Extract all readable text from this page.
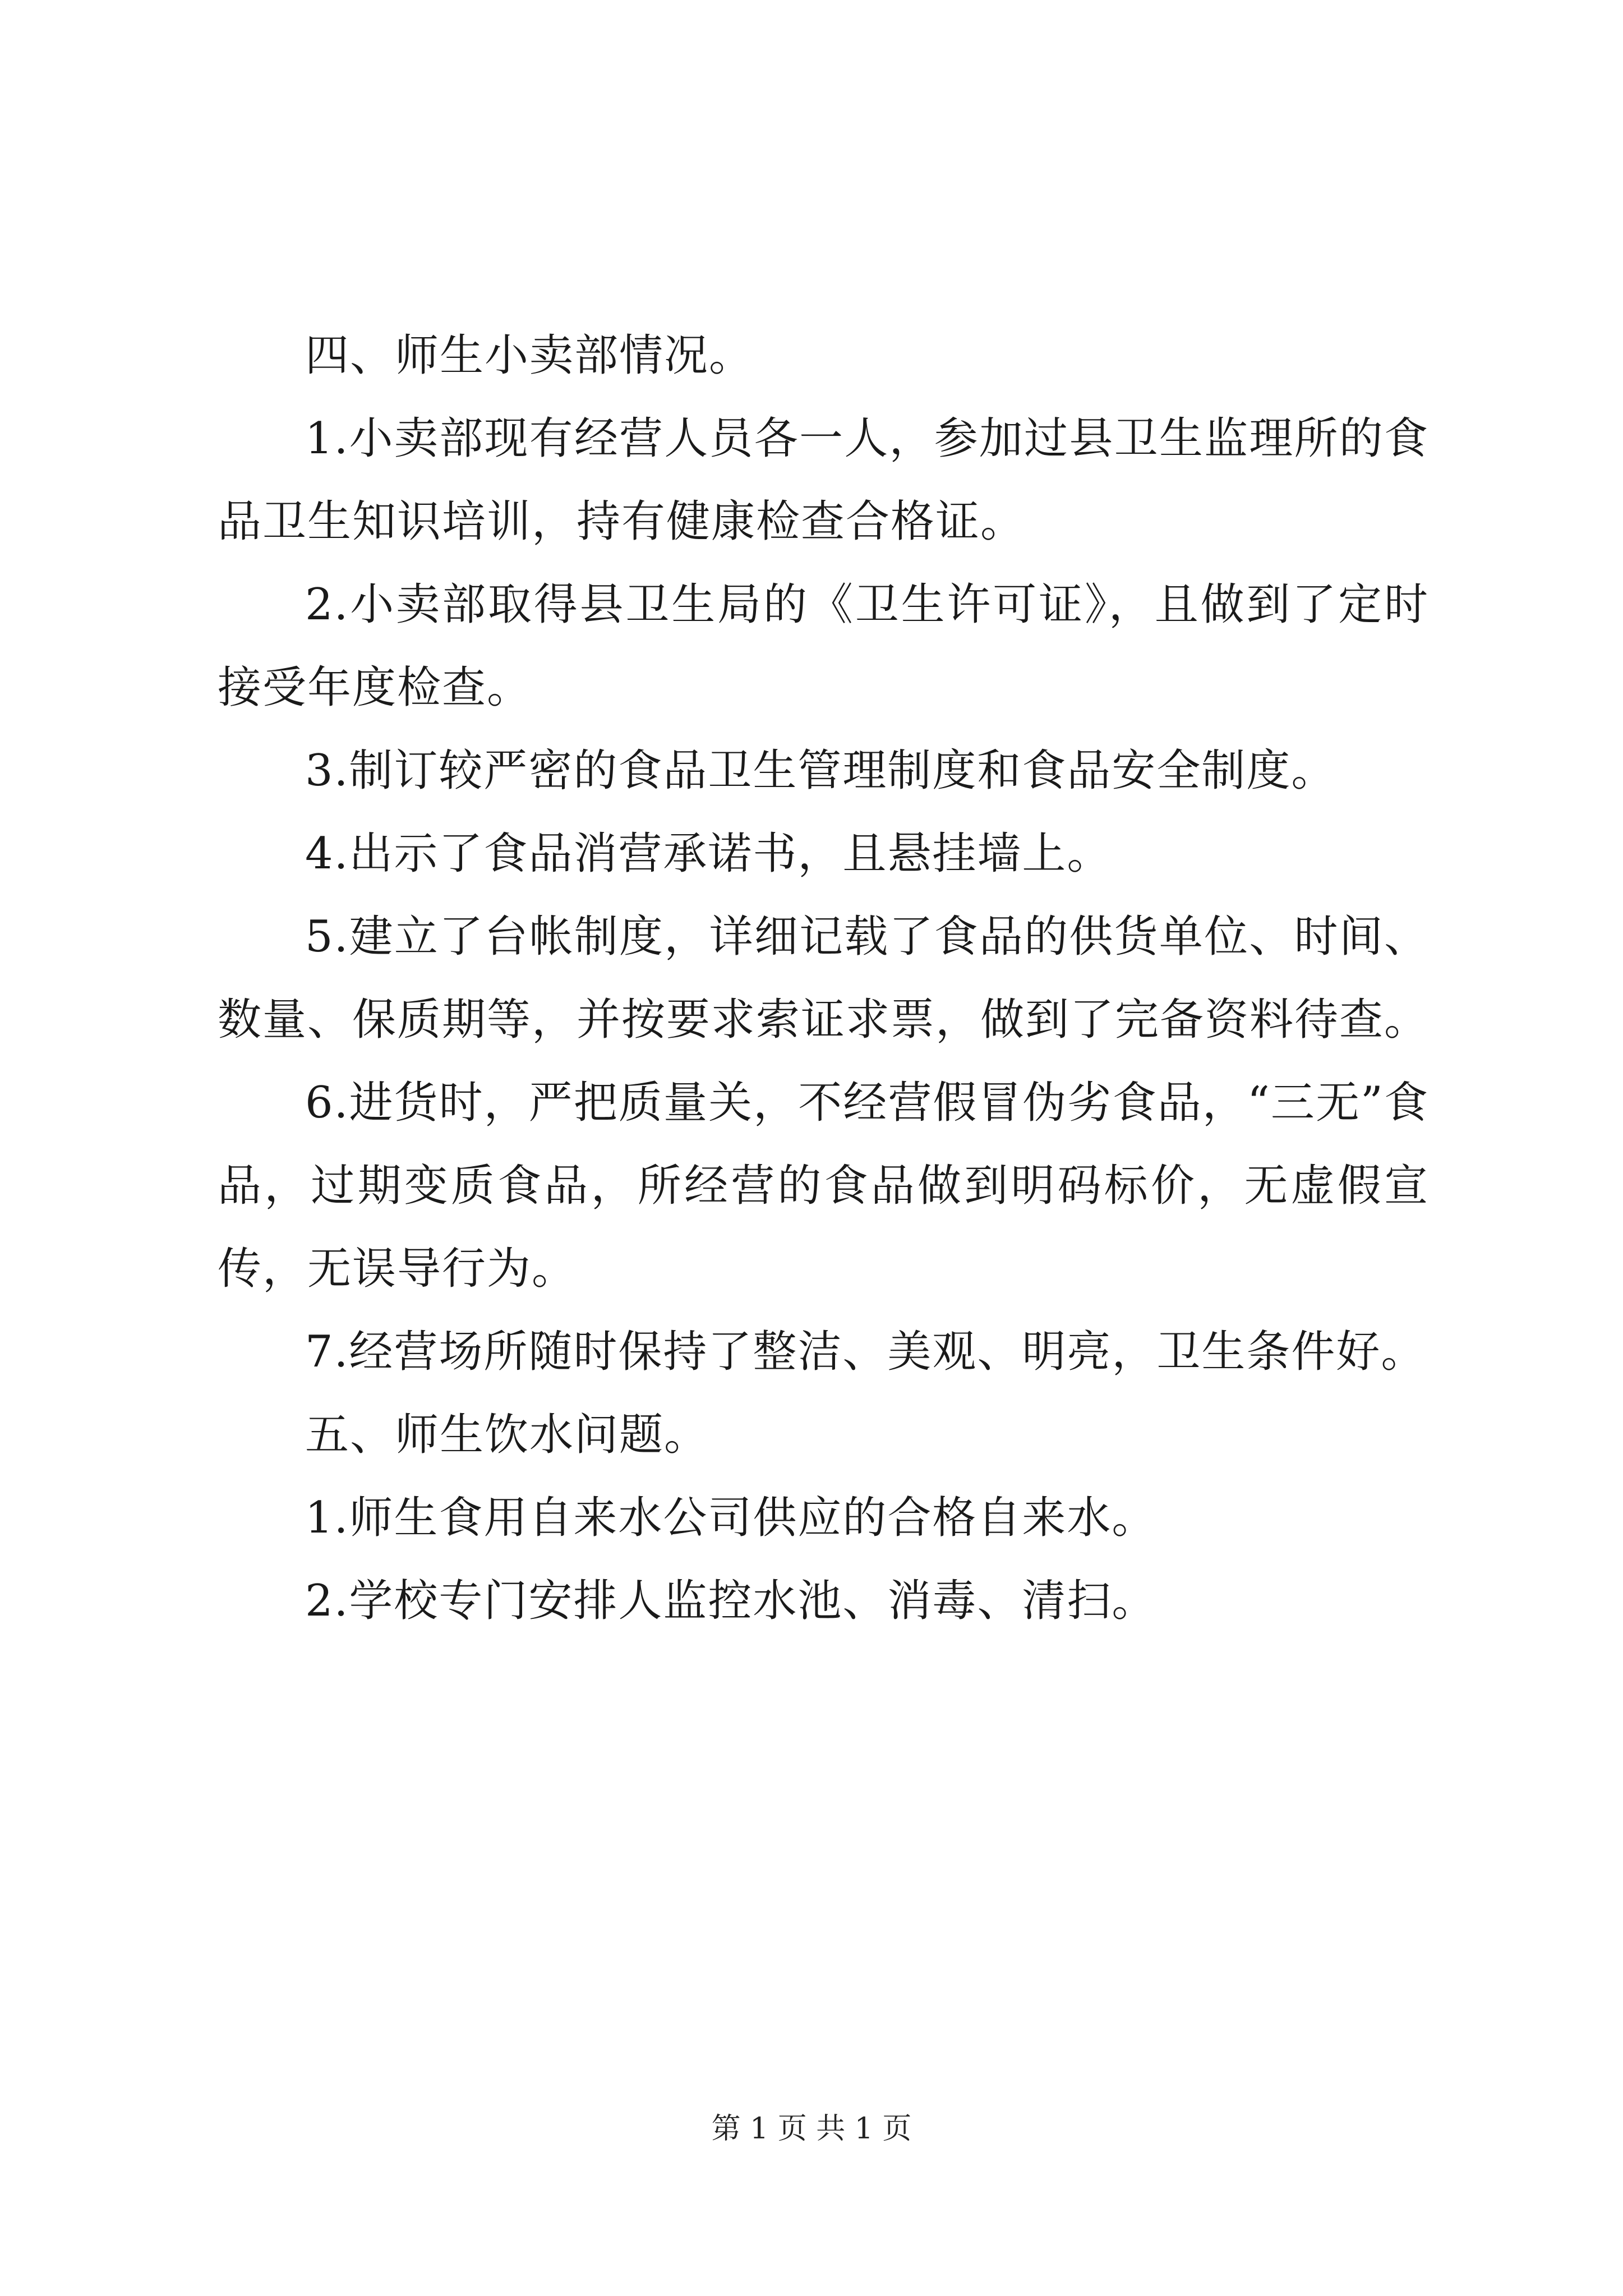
四、师生小卖部情况。

1.小卖部现有经营人员各一人，参加过县卫生监理所的食品卫生知识培训，持有健康检查合格证。

2.小卖部取得县卫生局的《卫生许可证》，且做到了定时接受年度检查。

3.制订较严密的食品卫生管理制度和食品安全制度。

4.出示了食品消营承诺书，且悬挂墙上。

5.建立了台帐制度，详细记载了食品的供货单位、时间、数量、保质期等，并按要求索证求票，做到了完备资料待查。

6.进货时，严把质量关，不经营假冒伪劣食品，“三无”食品，过期变质食品，所经营的食品做到明码标价，无虚假宣传，无误导行为。

7.经营场所随时保持了整洁、美观、明亮，卫生条件好。

五、师生饮水问题。

1.师生食用自来水公司供应的合格自来水。

2.学校专门安排人监控水池、消毒、清扫。

第 1 页 共 1 页
